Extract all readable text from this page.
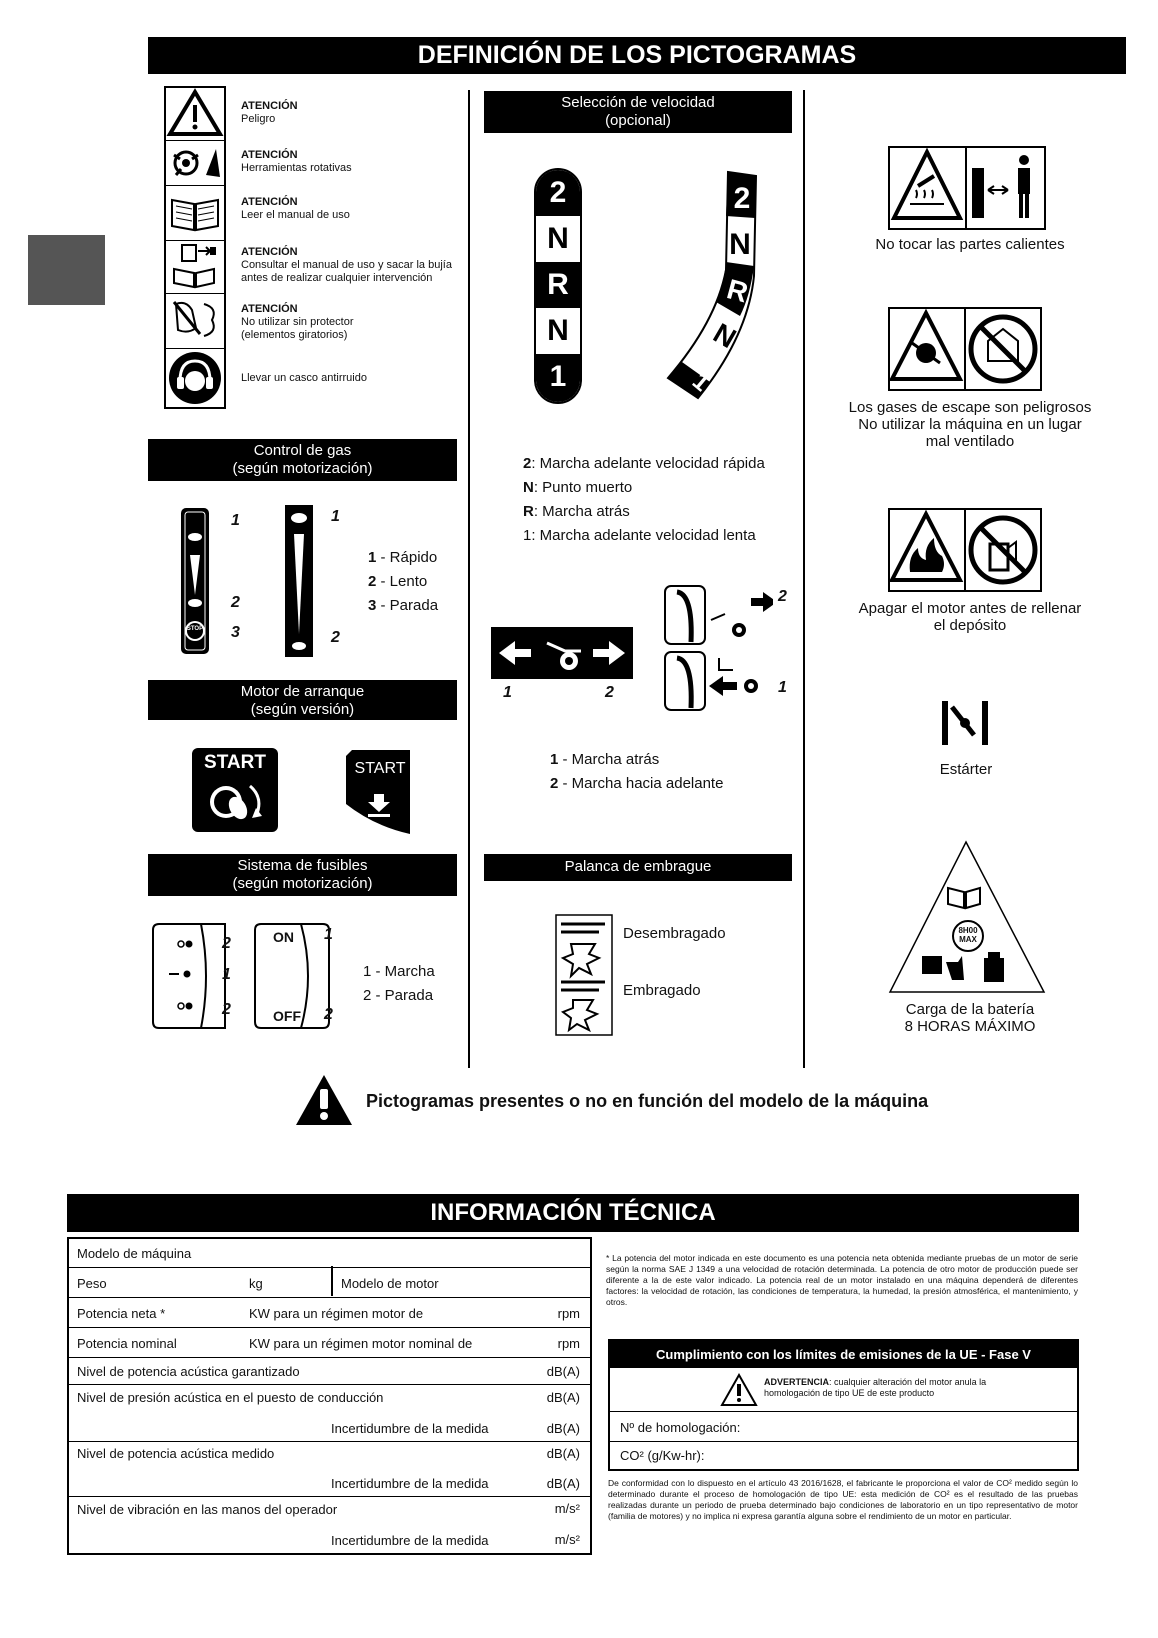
DEFINICIÓN DE LOS PICTOGRAMAS
ATENCIÓN
Peligro
ATENCIÓN
Herramientas rotativas
ATENCIÓN
Leer el manual de uso
ATENCIÓN
Consultar el manual de uso y sacar la bujía
antes de realizar cualquier intervención
ATENCIÓN
No utilizar sin protector
(elementos giratorios)
Llevar un casco antirruido
Control de gas
(según motorización)
STOP
1
2
3
1
2
1 - Rápido
2 - Lento
3 - Parada
Motor de arranque
(según versión)
START	START
Sistema de fusibles
(según motorización)
2
1
2
ON
OFF
1
2
1 - Marcha
2 - Parada
Selección de velocidad
(opcional)
2
N
R
N
1
2
N
R
N
1
2: Marcha adelante velocidad rápida
N: Punto muerto
R: Marcha atrás
1: Marcha adelante velocidad lenta
1	2
2
1
1 - Marcha atrás
2 - Marcha hacia adelante
Palanca de embrague
Desembragado
Embragado
No tocar las partes calientes
Los gases de escape son peligrosos
No utilizar la máquina en un lugar
mal ventilado
Apagar el motor antes de rellenar
el depósito
Estárter
8H00
MAX
Carga de la batería
8 HORAS MÁXIMO
Pictogramas presentes o no en función del modelo de la máquina
INFORMACIÓN TÉCNICA
Modelo de máquina
Peso	kg	Modelo de motor
Potencia neta *	KW para un régimen motor de	rpm
Potencia nominal	KW para un régimen motor nominal de	rpm
Nivel de potencia acústica garantizado	dB(A)
Nivel de presión acústica en el puesto de conducción	dB(A)
Incertidumbre de la medida	dB(A)
Nivel de potencia acústica medido	dB(A)
Incertidumbre de la medida	dB(A)
Nivel de vibración en las manos del operador	m/s²
Incertidumbre de la medida	m/s²
* La potencia del motor indicada en este documento es una potencia neta obtenida mediante pruebas de un motor de serie según la norma SAE J 1349 a una velocidad de rotación determinada. La potencia de otro motor de producción puede ser diferente a la de este valor indicado. La potencia real de un motor instalado en una máquina dependerá de diferentes factores: la velocidad de rotación, las condiciones de temperatura, la humedad, la presión atmosférica, el mantenimiento, y otros.
Cumplimiento con los límites de emisiones de la UE - Fase V
ADVERTENCIA: cualquier alteración del motor anula la homologación de tipo UE de este producto
Nº de homologación:
CO² (g/Kw-hr):
De conformidad con lo dispuesto en el artículo 43 2016/1628, el fabricante le proporciona el valor de CO² medido según lo determinado durante el proceso de homologación de tipo UE: esta medición de CO² es el resultado de las pruebas realizadas durante un periodo de prueba determinado bajo condiciones de laboratorio en un tipo representativo de motor (familia de motores) y no implica ni expresa garantía alguna sobre el rendimiento de un motor en particular.
